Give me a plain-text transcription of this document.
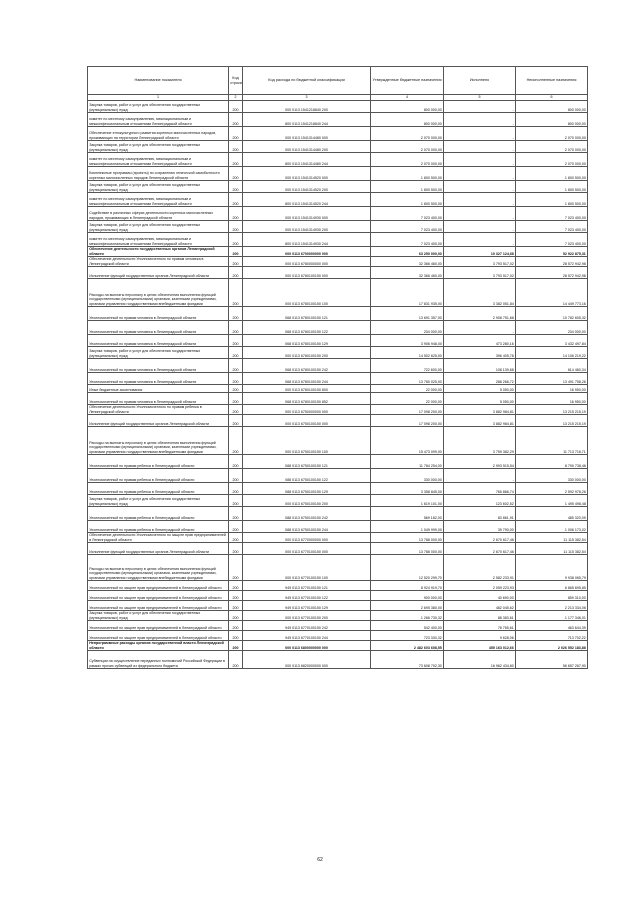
Наименование показателя	Код строки	Код расхода по бюджетной классификации	Утвержденные бюджетные назначения	Исполнено	Неисполненные назначения
1	2	3	4	5	6
Закупка товаров, работ и услуг для обеспечения государственных (муниципальных) нужд	200	000 0113 1541218840 200	800 000,00	-	800 000,00
комитет по местному самоуправлению, межнациональным и межконфессиональным отношениям Ленинградской области	200	800 0113 1541218840 244	800 000,00	-	800 000,00
Обеспечение этнокультурного развития коренных малочисленных народов, проживающих на территории Ленинградской области	200	000 0113 1541314480 000	2 070 000,00	-	2 070 000,00
Закупка товаров, работ и услуг для обеспечения государственных (муниципальных) нужд	200	000 0113 1541314480 200	2 070 000,00	-	2 070 000,00
комитет по местному самоуправлению, межнациональным и межконфессиональным отношениям Ленинградской области	200	800 0113 1541314480 244	2 070 000,00	-	2 070 000,00
Комплексные программы (проекты) по сохранению этнической самобытности коренных малочисленных народов Ленинградской области	200	000 0113 1541314520 000	1 800 500,00	-	1 800 500,00
Закупка товаров, работ и услуг для обеспечения государственных (муниципальных) нужд	200	000 0113 1541314520 200	1 800 500,00	-	1 800 500,00
комитет по местному самоуправлению, межнациональным и межконфессиональным отношениям Ленинградской области	200	800 0113 1541314520 244	1 800 500,00	-	1 800 500,00
Содействие в различных сферах деятельности коренных малочисленных народов, проживающих в Ленинградской области	200	000 0113 1541314930 000	7 023 400,00	-	7 023 400,00
Закупка товаров, работ и услуг для обеспечения государственных (муниципальных) нужд	200	000 0113 1541314930 200	7 023 400,00	-	7 023 400,00
комитет по местному самоуправлению, межнациональным и межконфессиональным отношениям Ленинградской области	200	800 0113 1541314930 244	7 023 400,00	-	7 023 400,00
Обеспечение деятельности государственных органов Ленинградской области	200	000 0113 6700000000 000	63 250 000,00	10 327 124,68	52 922 875,31
Обеспечение деятельности Уполномоченного по правам человека в Ленинградской области	200	000 0113 6780000000 000	32 366 460,00	3 793 517,02	28 572 942,98
Исполнение функций государственных органов Ленинградской области	200	000 0113 6780100150 000	32 366 460,00	3 793 517,02	28 572 942,98
Расходы на выплаты персоналу в целях обеспечения выполнения функций государственными (муниципальными) органами, казенными учреждениями, органами управления государственными внебюджетными фондами	200	000 0113 6780100150 100	17 831 935,00	3 382 051,84	14 449 773,16
Уполномоченный по правам человека в Ленинградской области	200	068 0113 6780100150 121	13 691 357,00	2 908 751,68	10 782 605,32
Уполномоченный по правам человека в Ленинградской области	200	068 0113 6780100150 122	234 000,00	-	234 000,00
Уполномоченный по правам человека в Ленинградской области	200	068 0113 6780100150 129	3 906 948,00	473 280,16	3 432 497,84
Закупка товаров, работ и услуг для обеспечения государственных (муниципальных) нужд	200	000 0113 6780100150 200	14 502 625,00	396 405,78	14 106 219,22
Уполномоченный по правам человека в Ленинградской области	200	068 0113 6780100150 242	722 600,00	108 139,68	614 460,34
Уполномоченный по правам человека в Ленинградской области	200	068 0113 6780100150 244	13 780 025,00	288 266,72	13 491 758,28
Иные бюджетные ассигнования	200	000 0113 6780100150 800	22 000,00	5 050,00	16 950,00
Уполномоченный по правам человека в Ленинградской области	200	068 0113 6780100150 852	22 000,00	5 050,00	16 950,00
Обеспечение деятельности Уполномоченного по правам ребенка в Ленинградской области	200	000 0113 6750000000 000	17 098 200,00	3 882 984,81	13 215 215,19
Исполнение функций государственных органов Ленинградской области	200	000 0113 6750100150 000	17 098 200,00	3 882 984,81	13 215 215,19
Расходы на выплаты персоналу в целях обеспечения выполнения функций государственными (муниципальными) органами, казенными учреждениями, органами управления государственными внебюджетными фондами	200	000 0113 6750100150 100	15 473 099,00	3 759 382,29	11 713 716,71
Уполномоченный по правам ребенка в Ленинградской области	200	088 0113 6750100150 121	11 784 254,00	2 993 515,54	8 790 738,46
Уполномоченный по правам ребенка в Ленинградской области	200	088 0113 6750100150 122	330 000,00	-	330 000,00
Уполномоченный по правам ребенка в Ленинградской области	200	088 0113 6750100150 129	3 358 845,00	765 866,74	2 592 978,26
Закупка товаров, работ и услуг для обеспечения государственных (муниципальных) нужд	200	000 0113 6750100150 200	1 619 101,00	123 602,52	1 495 498,48
Уполномоченный по правам ребенка в Ленинградской области	200	088 0113 6750100150 242	569 182,00	83 861,91	485 320,09
Уполномоченный по правам ребенка в Ленинградской области	200	088 0113 6750100150 244	1 049 999,00	39 790,00	1 006 173,02
Обеспечение деятельности Уполномоченного по защите прав предпринимателей в Ленинградской области	200	000 0113 6770000000 000	13 788 000,00	2 670 617,46	11 115 382,54
Исполнение функций государственных органов Ленинградской области	200	000 0113 6770100150 000	13 788 000,00	2 670 617,46	11 115 382,54
Расходы на выплаты персоналу в целях обеспечения выполнения функций государственными (муниципальными) органами, казенными учреждениями, органами управления государственными внебюджетными фондами	200	000 0113 6770100150 100	12 520 299,70	2 582 233,91	9 938 065,79
Уполномоченный по защите прав предпринимателей в Ленинградской области	200	949 0113 6770100150 121	8 924 919,70	2 059 223,93	6 865 695,85
Уполномоченный по защите прав предпринимателей в Ленинградской области	200	949 0113 6770100150 122	900 000,00	40 690,00	859 310,00
Уполномоченный по защите прав предпринимателей в Ленинградской области	200	949 0113 6770100150 129	2 695 380,00	482 045,62	2 213 334,06
Закупка товаров, работ и услуг для обеспечения государственных (муниципальных) нужд	200	000 0113 6770100150 200	1 266 730,32	88 383,61	1 177 346,01
Уполномоченный по защите прав предпринимателей в Ленинградской области	200	949 0113 6770100150 242	542 400,00	78 765,61	463 644,39
Уполномоченный по защите прав предпринимателей в Ленинградской области	200	949 0113 6770100150 244	723 330,32	9 628,06	713 702,22
Непрограммные расходы органов государственной власти Ленинградской области	200	000 0113 6800000000 000	2 482 603 608,55	455 163 012,66	2 026 552 183,88
Субвенции на осуществление переданных полномочий Российской Федерации в рамках прочих субвенций из федерального бюджета	200	000 0113 6820000000 000	73 608 702,30	16 962 434,60	56 657 267,90
62
